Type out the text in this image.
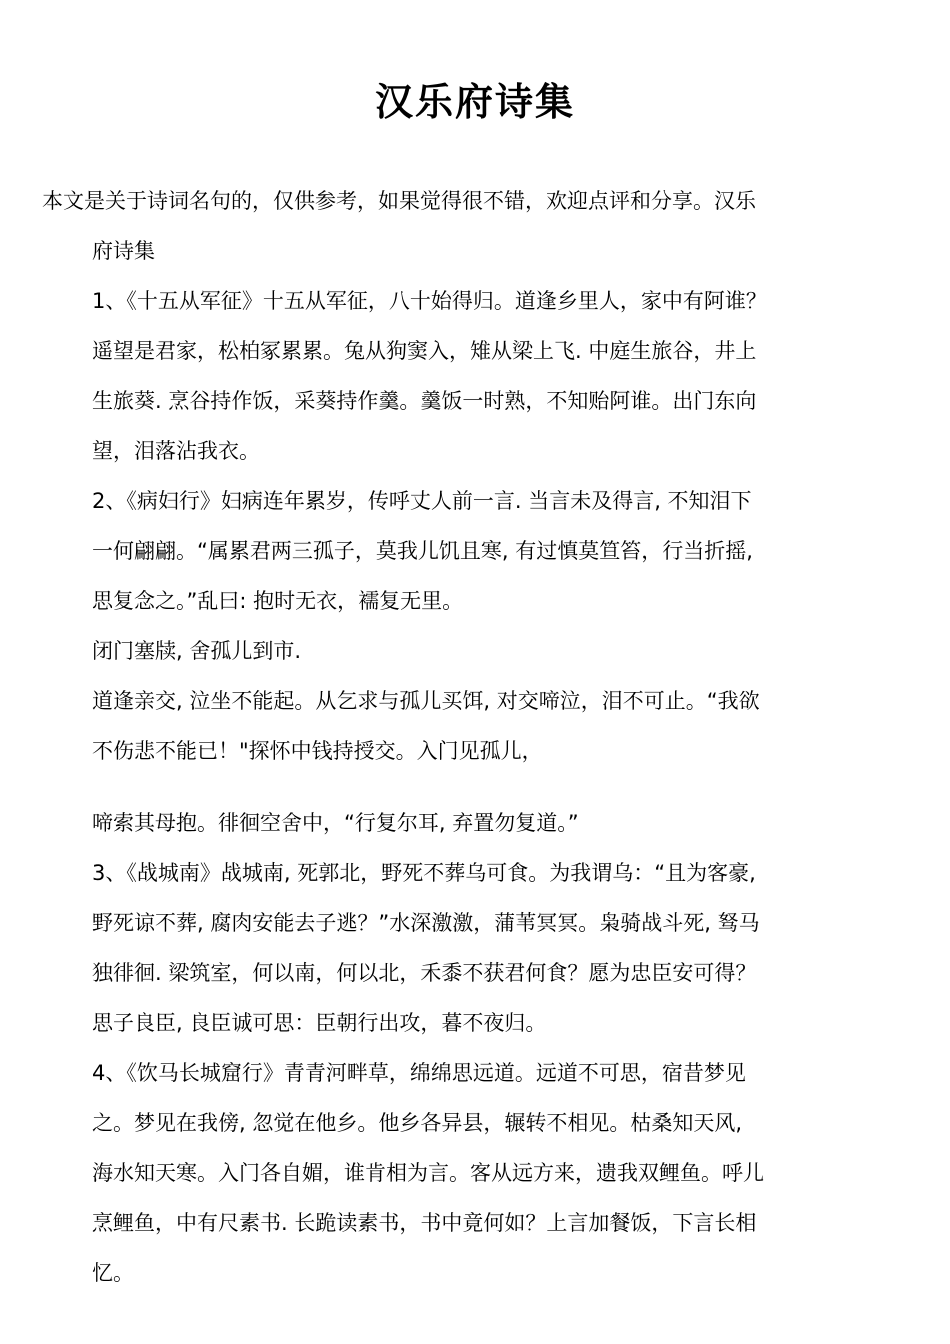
汉乐府诗集
本文是关于诗词名句的，仅供参考，如果觉得很不错，欢迎点评和分享。汉乐
府诗集
1、《十五从军征》十五从军征，八十始得归。道逢乡里人，家中有阿谁？
遥望是君家，松柏冢累累。兔从狗窦入，雉从梁上飞. 中庭生旅谷，井上
生旅葵. 烹谷持作饭，采葵持作羹。羹饭一时熟，不知贻阿谁。出门东向
望，泪落沾我衣。
2、《病妇行》妇病连年累岁，传呼丈人前一言. 当言未及得言, 不知泪下
一何翩翩。“属累君两三孤子，莫我儿饥且寒, 有过慎莫笪笞，行当折摇,
思复念之。”乱曰: 抱时无衣，襦复无里。
闭门塞牍, 舍孤儿到市.
道逢亲交, 泣坐不能起。从乞求与孤儿买饵, 对交啼泣，泪不可止。“我欲
不伤悲不能已！"探怀中钱持授交。入门见孤儿，
啼索其母抱。徘徊空舍中，“行复尔耳, 弃置勿复道。”
3、《战城南》战城南, 死郭北，野死不葬乌可食。为我谓乌：“且为客豪,
野死谅不葬, 腐肉安能去子逃？”水深激激，蒲苇冥冥。枭骑战斗死, 驽马
独徘徊. 梁筑室，何以南，何以北，禾黍不获君何食？愿为忠臣安可得？
思子良臣, 良臣诚可思：臣朝行出攻，暮不夜归。
4、《饮马长城窟行》青青河畔草，绵绵思远道。远道不可思，宿昔梦见
之。梦见在我傍, 忽觉在他乡。他乡各异县，辗转不相见。枯桑知天风,
海水知天寒。入门各自媚，谁肯相为言。客从远方来，遗我双鲤鱼。呼儿
烹鲤鱼，中有尺素书. 长跪读素书，书中竟何如？上言加餐饭，下言长相
忆。
